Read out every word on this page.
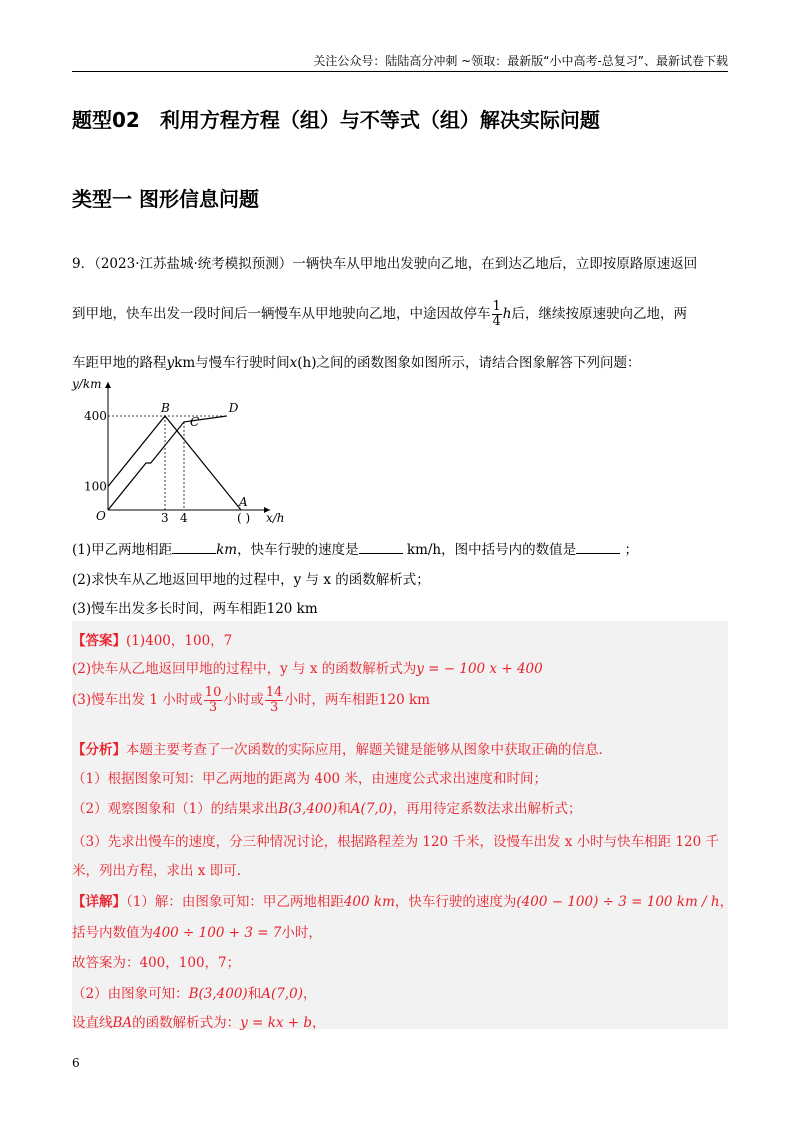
关注公众号：陆陆高分冲刺 ~领取：最新版“小中高考-总复习”、最新试卷下载
题型02　利用方程方程（组）与不等式（组）解决实际问题
类型一 图形信息问题
9．（2023·江苏盐城·统考模拟预测）一辆快车从甲地出发驶向乙地，在到达乙地后，立即按原路原速返回
到甲地，快车出发一段时间后一辆慢车从甲地驶向乙地，中途因故停车 $\frac{1}{4}$ h后，继续按原速驶向乙地，两
车距甲地的路程ykm与慢车行驶时间x(h)之间的函数图象如图所示，请结合图象解答下列问题：
400
100
3 4	( )
B	D
C
A
y/km
x/h
O
(1)甲乙两地相距	km，快车行驶的速度是	km/h，图中括号内的数值是	；
(2)求快车从乙地返回甲地的过程中，y 与 x 的函数解析式；
(3)慢车出发多长时间，两车相距120 km
【答案】(1)400，100，7
(2)快车从乙地返回甲地的过程中，y 与 x 的函数解析式为y = − 100 x + 400
(3)慢车出发 1 小时或 $\frac{10}{3}$ 小时或 $\frac{14}{3}$ 小时，两车相距120 km
【分析】本题主要考查了一次函数的实际应用，解题关键是能够从图象中获取正确的信息．
（1）根据图象可知：甲乙两地的距离为 400 米，由速度公式求出速度和时间；
（2）观察图象和（1）的结果求出B(3,400)和A(7,0)，再用待定系数法求出解析式；
（3）先求出慢车的速度，分三种情况讨论，根据路程差为 120 千米，设慢车出发 x 小时与快车相距 120 千
米，列出方程，求出 x 即可.
【详解】（1）解：由图象可知：甲乙两地相距400 km，快车行驶的速度为(400 − 100) ÷ 3 = 100 km / h，
括号内数值为400 ÷ 100 + 3 = 7小时，
故答案为：400，100，7；
（2）由图象可知：B(3,400)和A(7,0)，
设直线BA的函数解析式为：y = kx + b，
6
